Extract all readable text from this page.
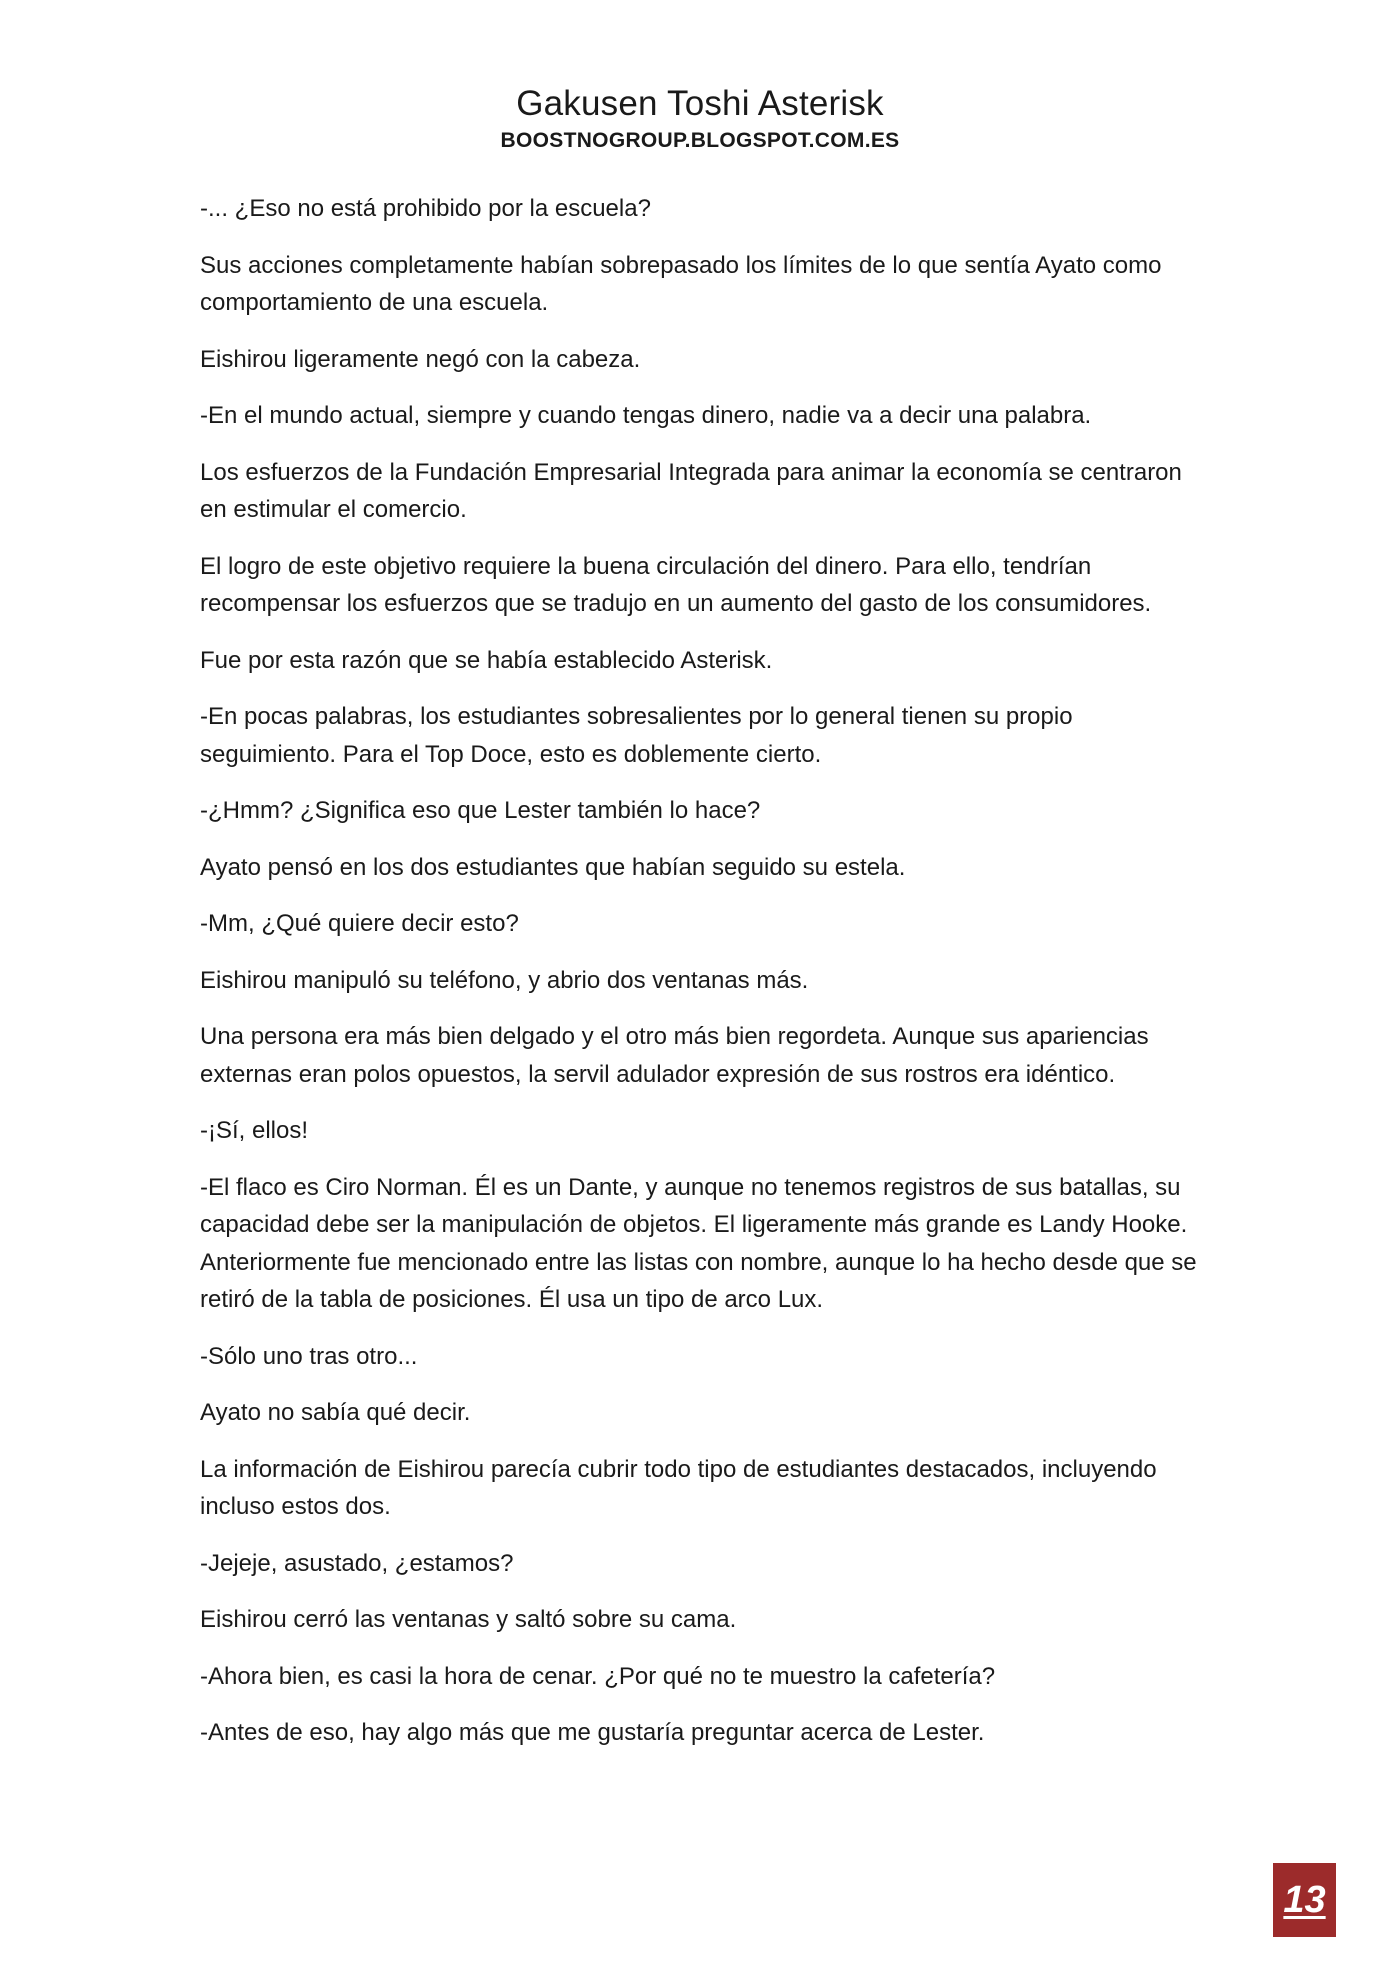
Gakusen Toshi Asterisk
BOOSTNOGROUP.BLOGSPOT.COM.ES

-... ¿Eso no está prohibido por la escuela?

Sus acciones completamente habían sobrepasado los límites de lo que sentía Ayato como comportamiento de una escuela.

Eishirou ligeramente negó con la cabeza.

-En el mundo actual, siempre y cuando tengas dinero, nadie va a decir una palabra.

Los esfuerzos de la Fundación Empresarial Integrada para animar la economía se centraron en estimular el comercio.

El logro de este objetivo requiere la buena circulación del dinero. Para ello, tendrían recompensar los esfuerzos que se tradujo en un aumento del gasto de los consumidores.

Fue por esta razón que se había establecido Asterisk.

-En pocas palabras, los estudiantes sobresalientes por lo general tienen su propio seguimiento. Para el Top Doce, esto es doblemente cierto.

-¿Hmm? ¿Significa eso que Lester también lo hace?

Ayato pensó en los dos estudiantes que habían seguido su estela.

-Mm, ¿Qué quiere decir esto?

Eishirou manipuló su teléfono, y abrio dos ventanas más.

Una persona era más bien delgado y el otro más bien regordeta. Aunque sus apariencias externas eran polos opuestos, la servil adulador expresión de sus rostros era idéntico.

-¡Sí, ellos!

-El flaco es Ciro Norman. Él es un Dante, y aunque no tenemos registros de sus batallas, su capacidad debe ser la manipulación de objetos. El ligeramente más grande es Landy Hooke. Anteriormente fue mencionado entre las listas con nombre, aunque lo ha hecho desde que se retiró de la tabla de posiciones. Él usa un tipo de arco Lux.

-Sólo uno tras otro...

Ayato no sabía qué decir.

La información de Eishirou parecía cubrir todo tipo de estudiantes destacados, incluyendo incluso estos dos.

-Jejeje, asustado, ¿estamos?

Eishirou cerró las ventanas y saltó sobre su cama.

-Ahora bien, es casi la hora de cenar. ¿Por qué no te muestro la cafetería?

-Antes de eso, hay algo más que me gustaría preguntar acerca de Lester.

13
